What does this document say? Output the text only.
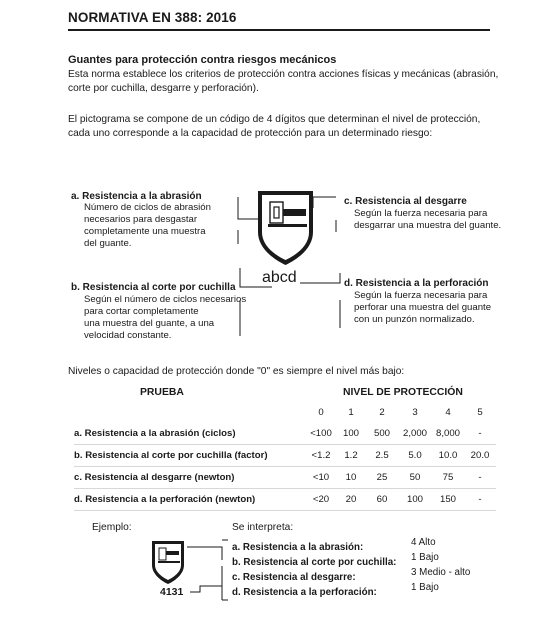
NORMATIVA EN 388: 2016
Guantes para protección contra riesgos mecánicos
Esta norma establece los criterios de protección contra acciones físicas y mecánicas (abrasión,
corte por cuchilla, desgarre y perforación).
El pictograma se compone de un código de 4 dígitos que determinan el nivel de protección,
cada uno corresponde a la capacidad de protección para un determinado riesgo:
abcd
a. Resistencia a la abrasión
Número de ciclos de abrasión
necesarios para desgastar
completamente una muestra
del guante.
b. Resistencia al corte por cuchilla
Según el número de ciclos necesarios
para cortar completamente
una muestra del guante, a una
velocidad constante.
c. Resistencia al desgarre
Según la fuerza necesaria para
desgarrar una muestra del guante.
d. Resistencia a la perforación
Según la fuerza necesaria para
perforar una muestra del guante
con un punzón normalizado.
Niveles o capacidad de protección donde "0" es siempre el nivel más bajo:
PRUEBA	NIVEL DE PROTECCIÓN
	0	1	2	3	4	5
a. Resistencia a la abrasión (ciclos)	<100	100	500	2,000	8,000	-
b. Resistencia al corte por cuchilla (factor)	<1.2	1.2	2.5	5.0	10.0	20.0
c. Resistencia al desgarre (newton)	<10	10	25	50	75	-
d. Resistencia a la perforación (newton)	<20	20	60	100	150	-
Ejemplo:
4131
Se interpreta:
a. Resistencia a la abrasión:	4 Alto
b. Resistencia al corte por cuchilla: 1 Bajo
c. Resistencia al desgarre:	3 Medio - alto
d. Resistencia a la perforación:	1 Bajo
